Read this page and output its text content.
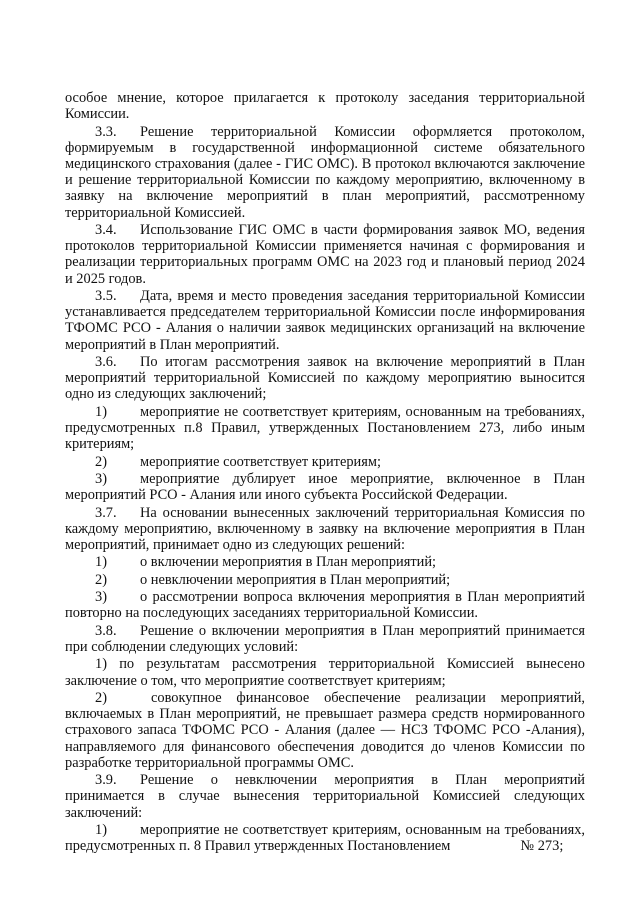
особое мнение, которое прилагается к протоколу заседания территориальной Комиссии.

3.3. Решение территориальной Комиссии оформляется протоколом, формируемым в государственной информационной системе обязательного медицинского страхования (далее - ГИС ОМС). В протокол включаются заключение и решение территориальной Комиссии по каждому мероприятию, включенному в заявку на включение мероприятий в план мероприятий, рассмотренному территориальной Комиссией.

3.4. Использование ГИС ОМС в части формирования заявок МО, ведения протоколов территориальной Комиссии применяется начиная с формирования и реализации территориальных программ ОМС на 2023 год и плановый период 2024 и 2025 годов.

3.5. Дата, время и место проведения заседания территориальной Комиссии устанавливается председателем территориальной Комиссии после информирования ТФОМС РСО - Алания о наличии заявок медицинских организаций на включение мероприятий в План мероприятий.

3.6. По итогам рассмотрения заявок на включение мероприятий в План мероприятий территориальной Комиссией по каждому мероприятию выносится одно из следующих заключений;

1) мероприятие не соответствует критериям, основанным на требованиях, предусмотренных п.8 Правил, утвержденных Постановлением 273, либо иным критериям;

2) мероприятие соответствует критериям;

3) мероприятие дублирует иное мероприятие, включенное в План мероприятий РСО - Алания или иного субъекта Российской Федерации.

3.7. На основании вынесенных заключений территориальная Комиссия по каждому мероприятию, включенному в заявку на включение мероприятия в План мероприятий, принимает одно из следующих решений:

1) о включении мероприятия в План мероприятий;

2) о невключении мероприятия в План мероприятий;

3) о рассмотрении вопроса включения мероприятия в План мероприятий повторно на последующих заседаниях территориальной Комиссии.

3.8. Решение о включении мероприятия в План мероприятий принимается при соблюдении следующих условий:

1) по результатам рассмотрения территориальной Комиссией вынесено заключение о том, что мероприятие соответствует критериям;

2)	совокупное финансовое обеспечение реализации мероприятий, включаемых в План мероприятий, не превышает размера средств нормированного страхового запаса ТФОМС РСО - Алания (далее — НСЗ ТФОМС РСО -Алания), направляемого для финансового обеспечения доводится до членов Комиссии по разработке территориальной программы ОМС.

3.9. Решение о невключении мероприятия в План мероприятий принимается в случае вынесения территориальной Комиссией следующих заключений:

1) мероприятие не соответствует критериям, основанным на требованиях, предусмотренных п. 8 Правил утвержденных Постановлением	№ 273;
